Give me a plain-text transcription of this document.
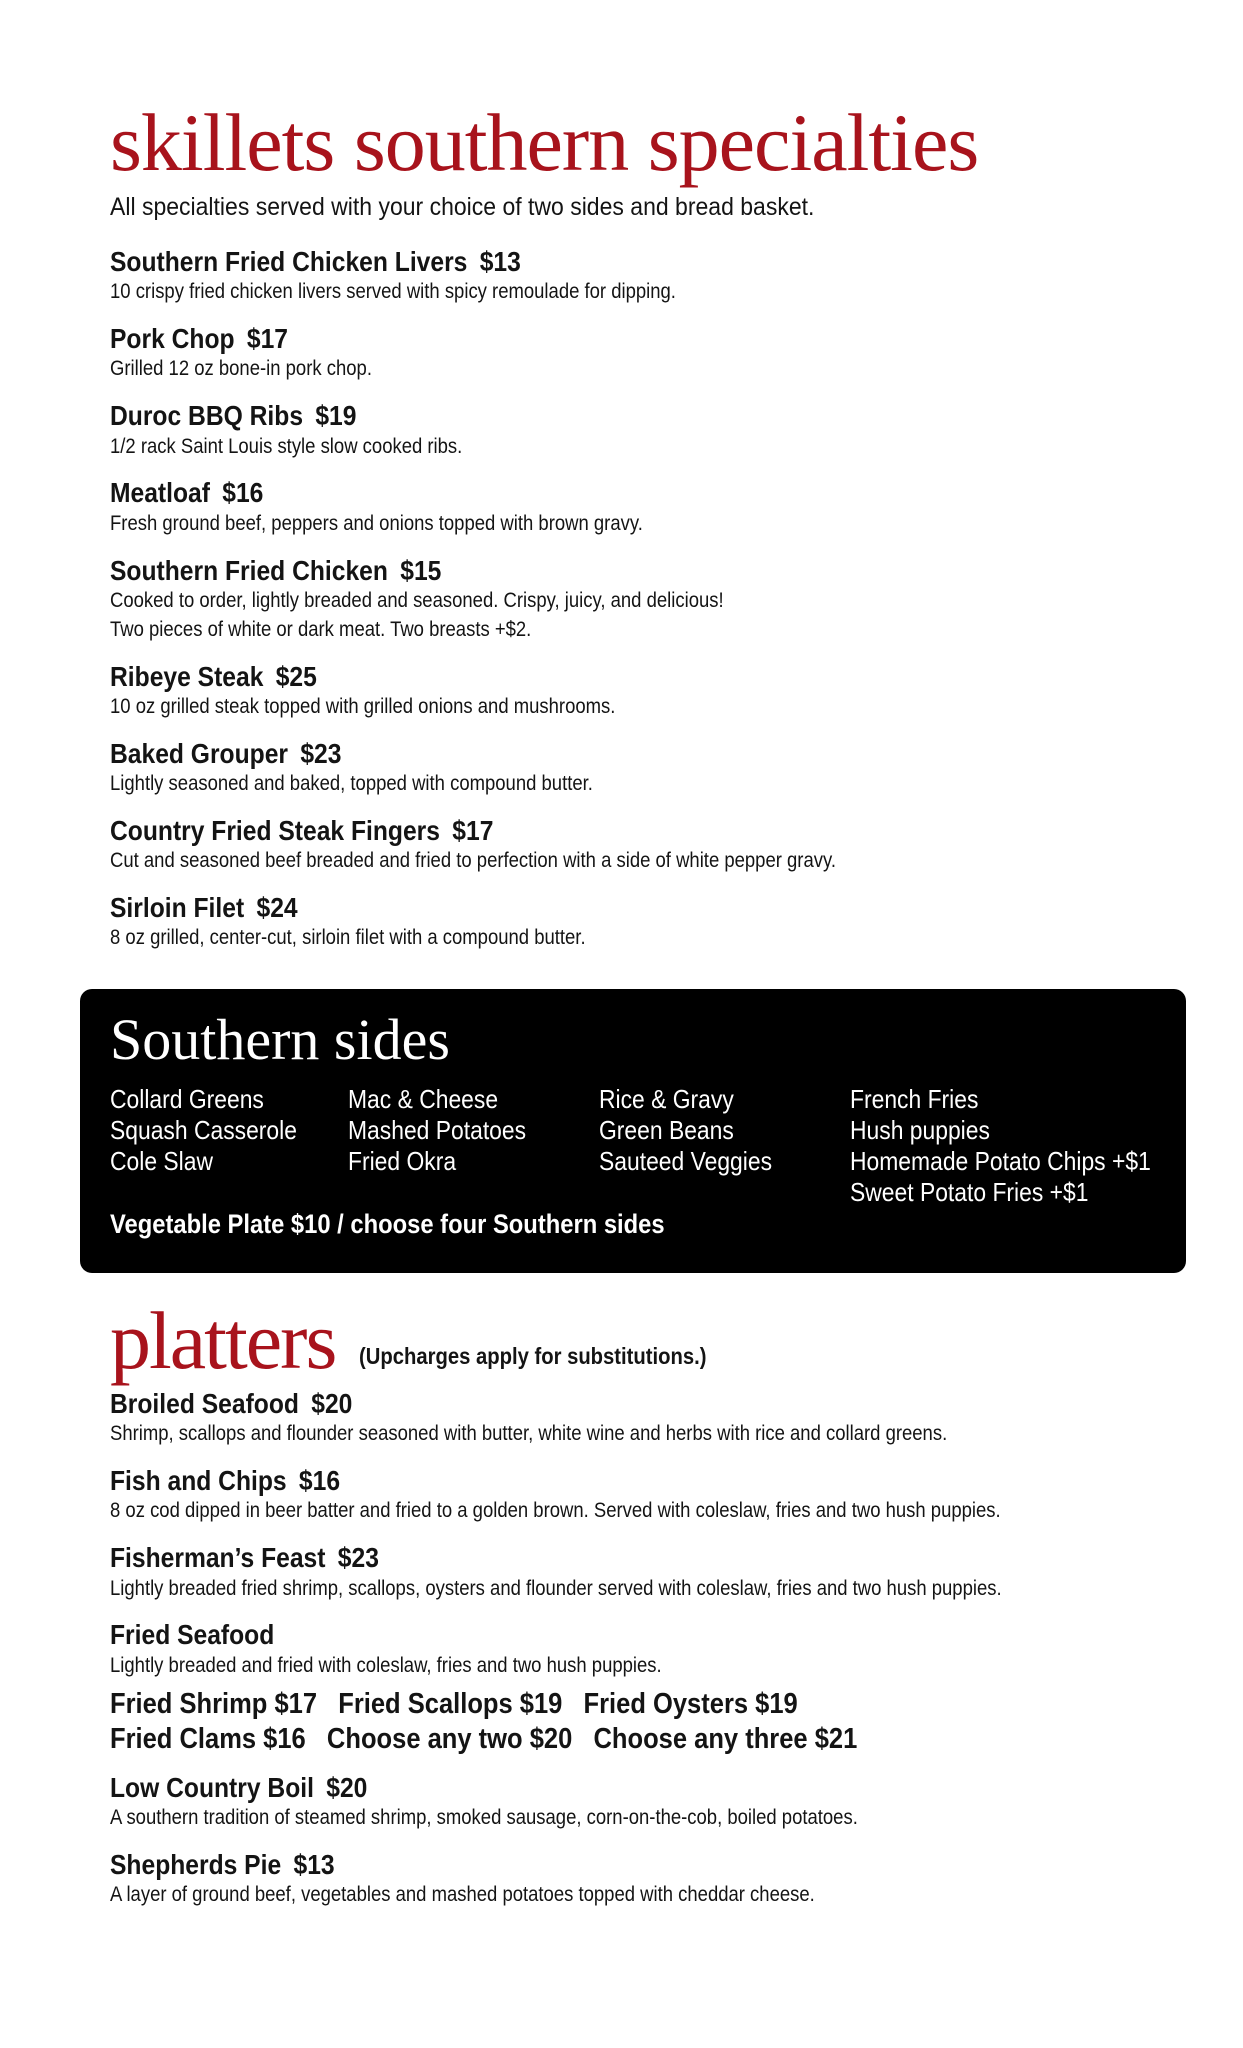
skillets southern specialties

All specialties served with your choice of two sides and bread basket.

Southern Fried Chicken Livers $13
10 crispy fried chicken livers served with spicy remoulade for dipping.
Pork Chop $17
Grilled 12 oz bone-in pork chop.
Duroc BBQ Ribs $19
1/2 rack Saint Louis style slow cooked ribs.
Meatloaf $16
Fresh ground beef, peppers and onions topped with brown gravy.
Southern Fried Chicken $15
Cooked to order, lightly breaded and seasoned. Crispy, juicy, and delicious!
Two pieces of white or dark meat. Two breasts +$2.
Ribeye Steak $25
10 oz grilled steak topped with grilled onions and mushrooms.
Baked Grouper $23
Lightly seasoned and baked, topped with compound butter.
Country Fried Steak Fingers $17
Cut and seasoned beef breaded and fried to perfection with a side of white pepper gravy.
Sirloin Filet $24
8 oz grilled, center-cut, sirloin filet with a compound butter.
Southern sides
Collard Greens
Squash Casserole
Cole Slaw
Mac & Cheese
Mashed Potatoes
Fried Okra
Rice & Gravy
Green Beans
Sauteed Veggies
French Fries
Hush puppies
Homemade Potato Chips +$1
Sweet Potato Fries +$1
Vegetable Plate $10 / choose four Southern sides
platters (Upcharges apply for substitutions.)
Broiled Seafood $20
Shrimp, scallops and flounder seasoned with butter, white wine and herbs with rice and collard greens.
Fish and Chips $16
8 oz cod dipped in beer batter and fried to a golden brown. Served with coleslaw, fries and two hush puppies.
Fisherman’s Feast $23
Lightly breaded fried shrimp, scallops, oysters and flounder served with coleslaw, fries and two hush puppies.
Fried Seafood
Lightly breaded and fried with coleslaw, fries and two hush puppies.
Fried Shrimp $17 Fried Scallops $19 Fried Oysters $19
Fried Clams $16 Choose any two $20 Choose any three $21
Low Country Boil $20
A southern tradition of steamed shrimp, smoked sausage, corn-on-the-cob, boiled potatoes.
Shepherds Pie $13
A layer of ground beef, vegetables and mashed potatoes topped with cheddar cheese.
